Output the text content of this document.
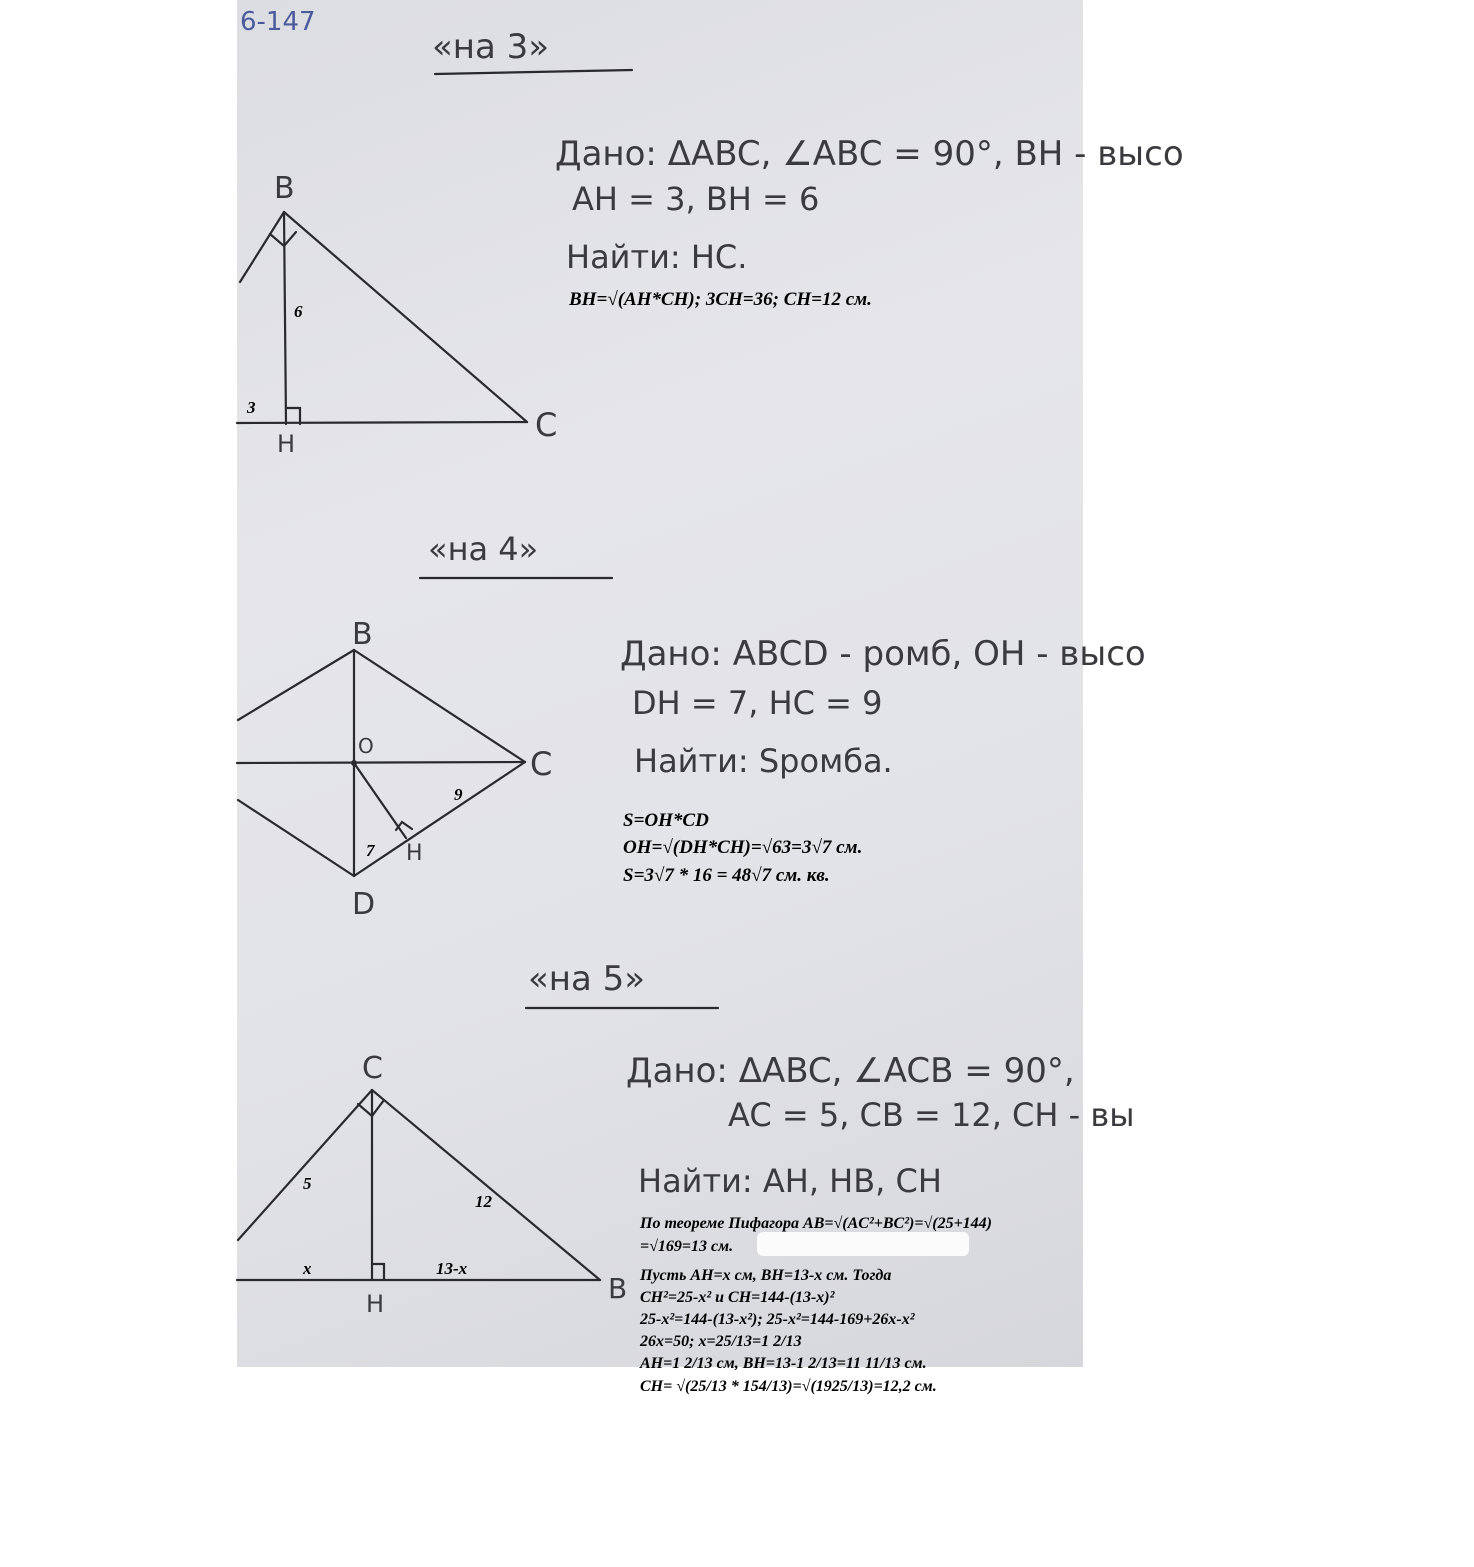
6-147
«на 3»
Дано: ΔABC, ∠ABC = 90°, BH - высо
AH = 3, BH = 6
Найти: HC.
B
H	C
«на 4»
Дано: ABCD - ромб, OH - высо
DH = 7, HC = 9
Найти: Sромба.
B
O	C
D
H
«на 5»
Дано: ΔABC, ∠ACB = 90°,
AC = 5, CB = 12, CH - вы
Найти: AH, HB, CH
C
H	B
6
3
9
7
5
12
x	13-x
BH=√(AH*CH); 3CH=36; CH=12 см.
S=OH*CD
OH=√(DH*CH)=√63=3√7 см.
S=3√7 * 16 = 48√7 см. кв.
По теореме Пифагора AB=√(AC²+BC²)=√(25+144)
=√169=13 см.
Пусть AH=x см, BH=13-x см. Тогда
CH²=25-x² и CH=144-(13-x)²
25-x²=144-(13-x²); 25-x²=144-169+26x-x²
26x=50; x=25/13=1 2/13
AH=1 2/13 см, BH=13-1 2/13=11 11/13 см.
CH= √(25/13 * 154/13)=√(1925/13)=12,2 см.
